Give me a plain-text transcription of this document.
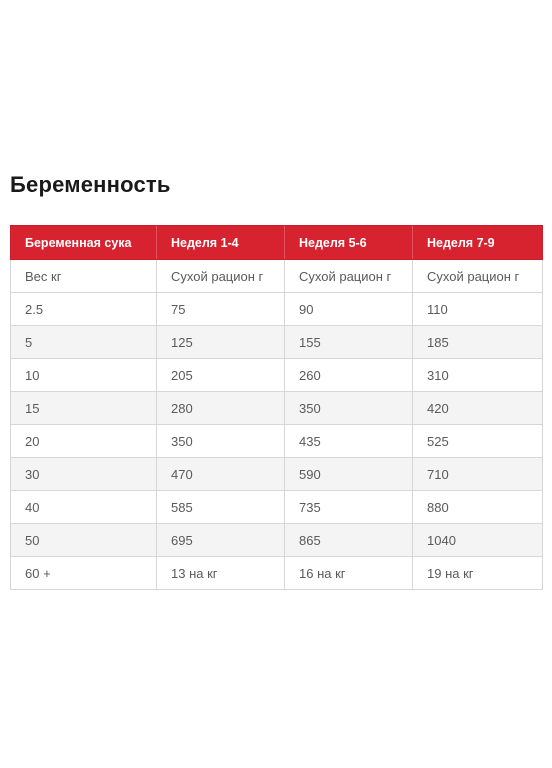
Беременность
Беременная сука	Неделя 1-4	Неделя 5-6	Неделя 7-9
Вес кг	Сухой рацион г	Сухой рацион г	Сухой рацион г
2.5	75	90	110
5	125	155	185
10	205	260	310
15	280	350	420
20	350	435	525
30	470	590	710
40	585	735	880
50	695	865	1040
60 +	13 на кг	16 на кг	19 на кг
